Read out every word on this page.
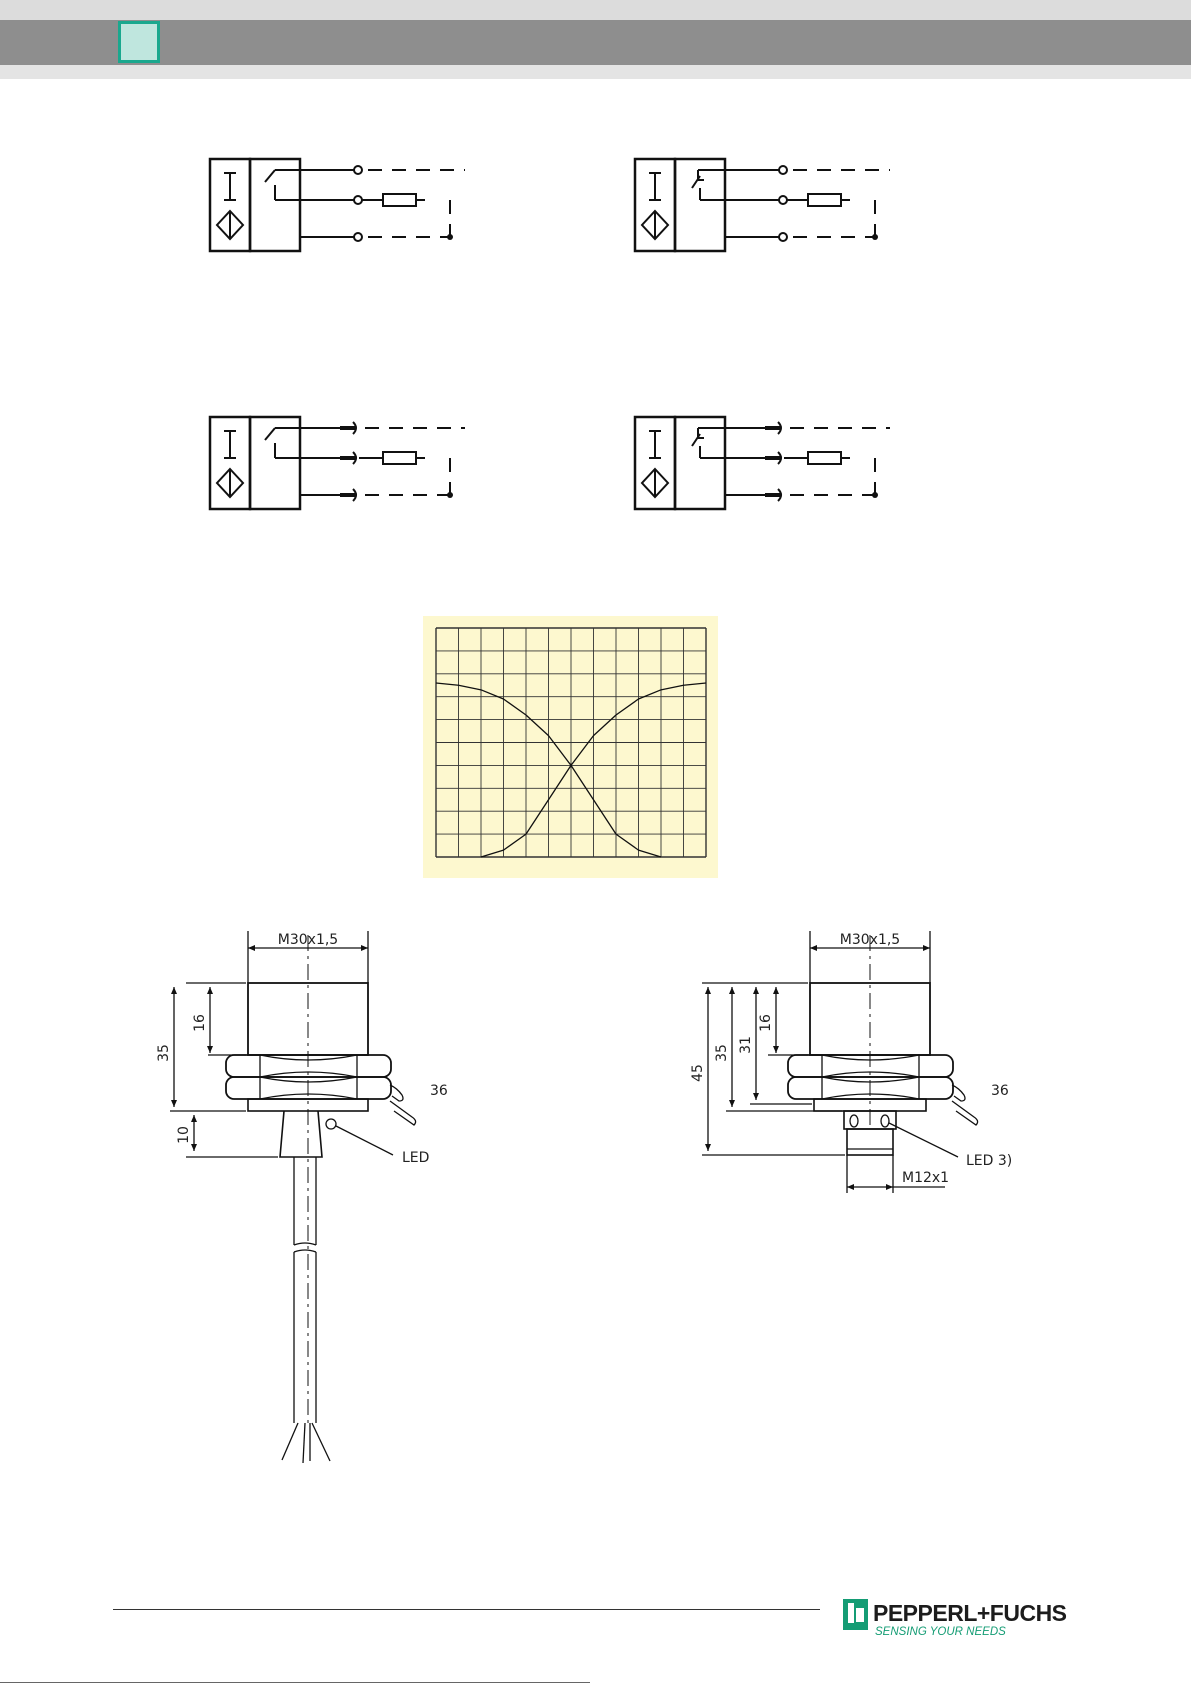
M30x1,5
16
35
10
36
LED
M30x1,5
16
31
35
45
36
LED 3)
M12x1
PEPPERL+FUCHS
SENSING YOUR NEEDS
